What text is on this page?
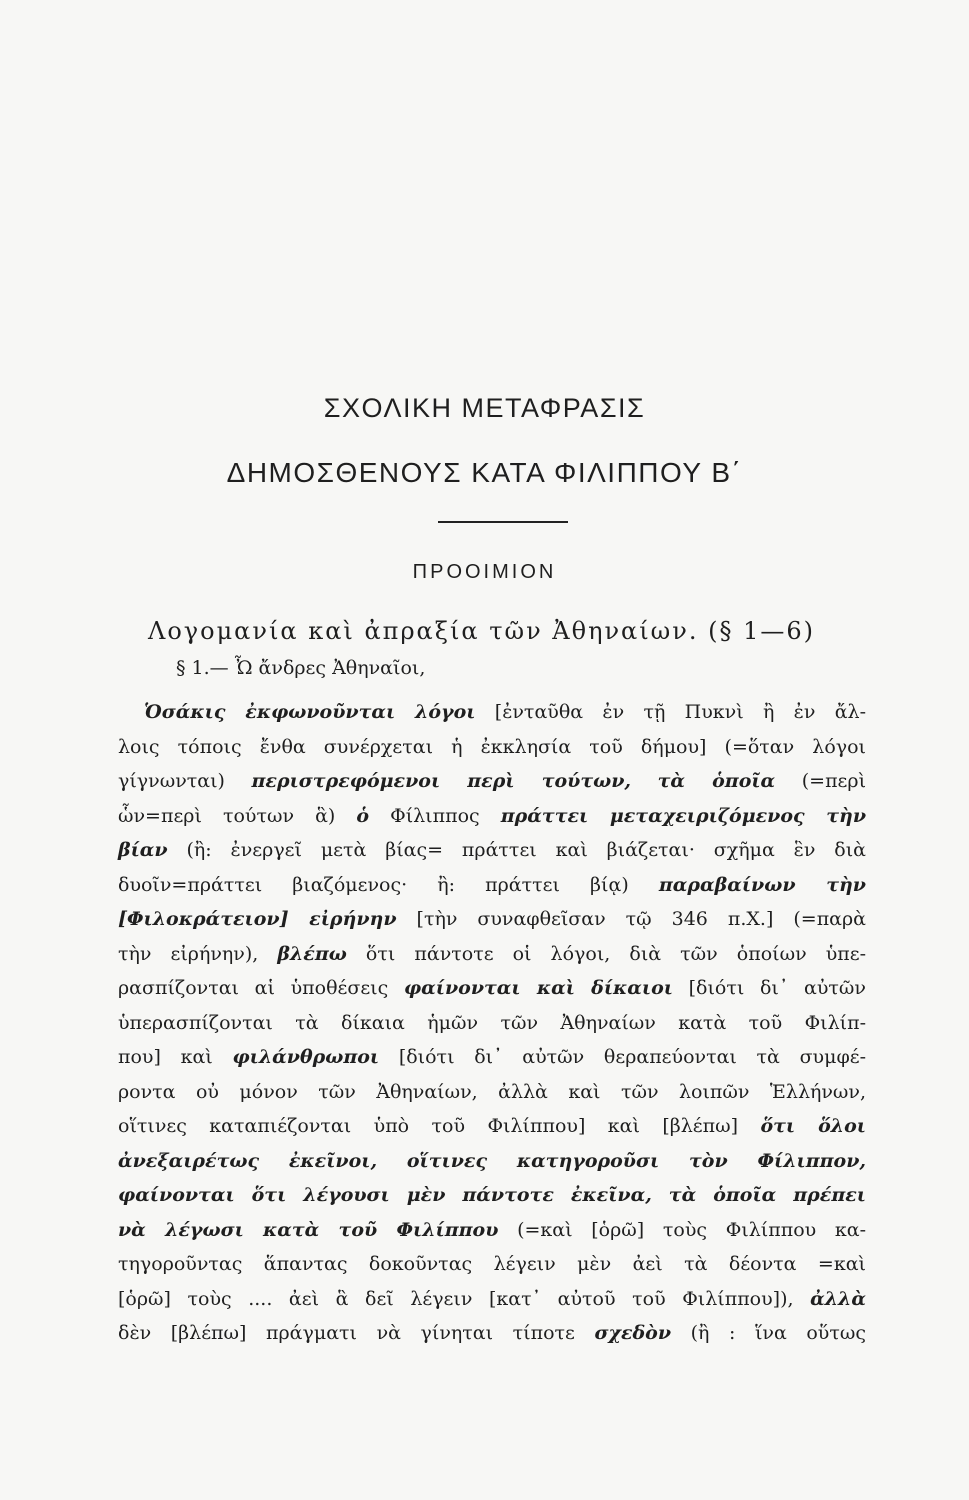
ΣΧΟΛΙΚΗ ΜΕΤΑΦΡΑΣΙΣ
ΔΗΜΟΣΘΕΝΟΥΣ ΚΑΤΑ ΦΙΛΙΠΠΟΥ Β΄
ΠΡΟΟΙΜΙΟΝ
Λογομανία καὶ ἀπραξία τῶν Ἀθηναίων. (§ 1—6)
§ 1.— Ὦ ἄνδρες Ἀθηναῖοι,
Ὁσάκις ἐκφωνοῦνται λόγοι [ἐνταῦθα ἐν τῇ Πυκνὶ ἢ ἐν ἄλ-
λοις τόποις ἔνθα συνέρχεται ἡ ἐκκλησία τοῦ δήμου] (=ὅταν λόγοι
γίγνωνται) περιστρεφόμενοι περὶ τούτων, τὰ ὁποῖα (=περὶ
ὧν=περὶ τούτων ἃ) ὁ Φίλιππος πράττει μεταχειριζόμενος τὴν
βίαν (ἢ: ἐνεργεῖ μετὰ βίας= πράττει καὶ βιάζεται· σχῆμα ἓν διὰ
δυοῖν=πράττει βιαζόμενος· ἢ: πράττει βίᾳ) παραβαίνων τὴν
[Φιλοκράτειον] εἰρήνην [τὴν συναφθεῖσαν τῷ 346 π.Χ.] (=παρὰ
τὴν εἰρήνην), βλέπω ὅτι πάντοτε οἱ λόγοι, διὰ τῶν ὁποίων ὑπε-
ρασπίζονται αἱ ὑποθέσεις φαίνονται καὶ δίκαιοι [διότι δι᾽ αὐτῶν
ὑπερασπίζονται τὰ δίκαια ἡμῶν τῶν Ἀθηναίων κατὰ τοῦ Φιλίπ-
που] καὶ φιλάνθρωποι [διότι δι᾽ αὐτῶν θεραπεύονται τὰ συμφέ-
ροντα οὐ μόνον τῶν Ἀθηναίων, ἀλλὰ καὶ τῶν λοιπῶν Ἑλλήνων,
οἵτινες καταπιέζονται ὑπὸ τοῦ Φιλίππου] καὶ [βλέπω] ὅτι ὅλοι
ἀνεξαιρέτως ἐκεῖνοι, οἵτινες κατηγοροῦσι τὸν Φίλιππον,
φαίνονται ὅτι λέγουσι μὲν πάντοτε ἐκεῖνα, τὰ ὁποῖα πρέπει
νὰ λέγωσι κατὰ τοῦ Φιλίππου (=καὶ [ὁρῶ] τοὺς Φιλίππου κα-
τηγοροῦντας ἅπαντας δοκοῦντας λέγειν μὲν ἀεὶ τὰ δέοντα =καὶ
[ὁρῶ] τοὺς .... ἀεὶ ἃ δεῖ λέγειν [κατ᾽ αὐτοῦ τοῦ Φιλίππου]), ἀλλὰ
δὲν [βλέπω] πράγματι νὰ γίνηται τίποτε σχεδὸν (ἢ : ἵνα οὕτως
